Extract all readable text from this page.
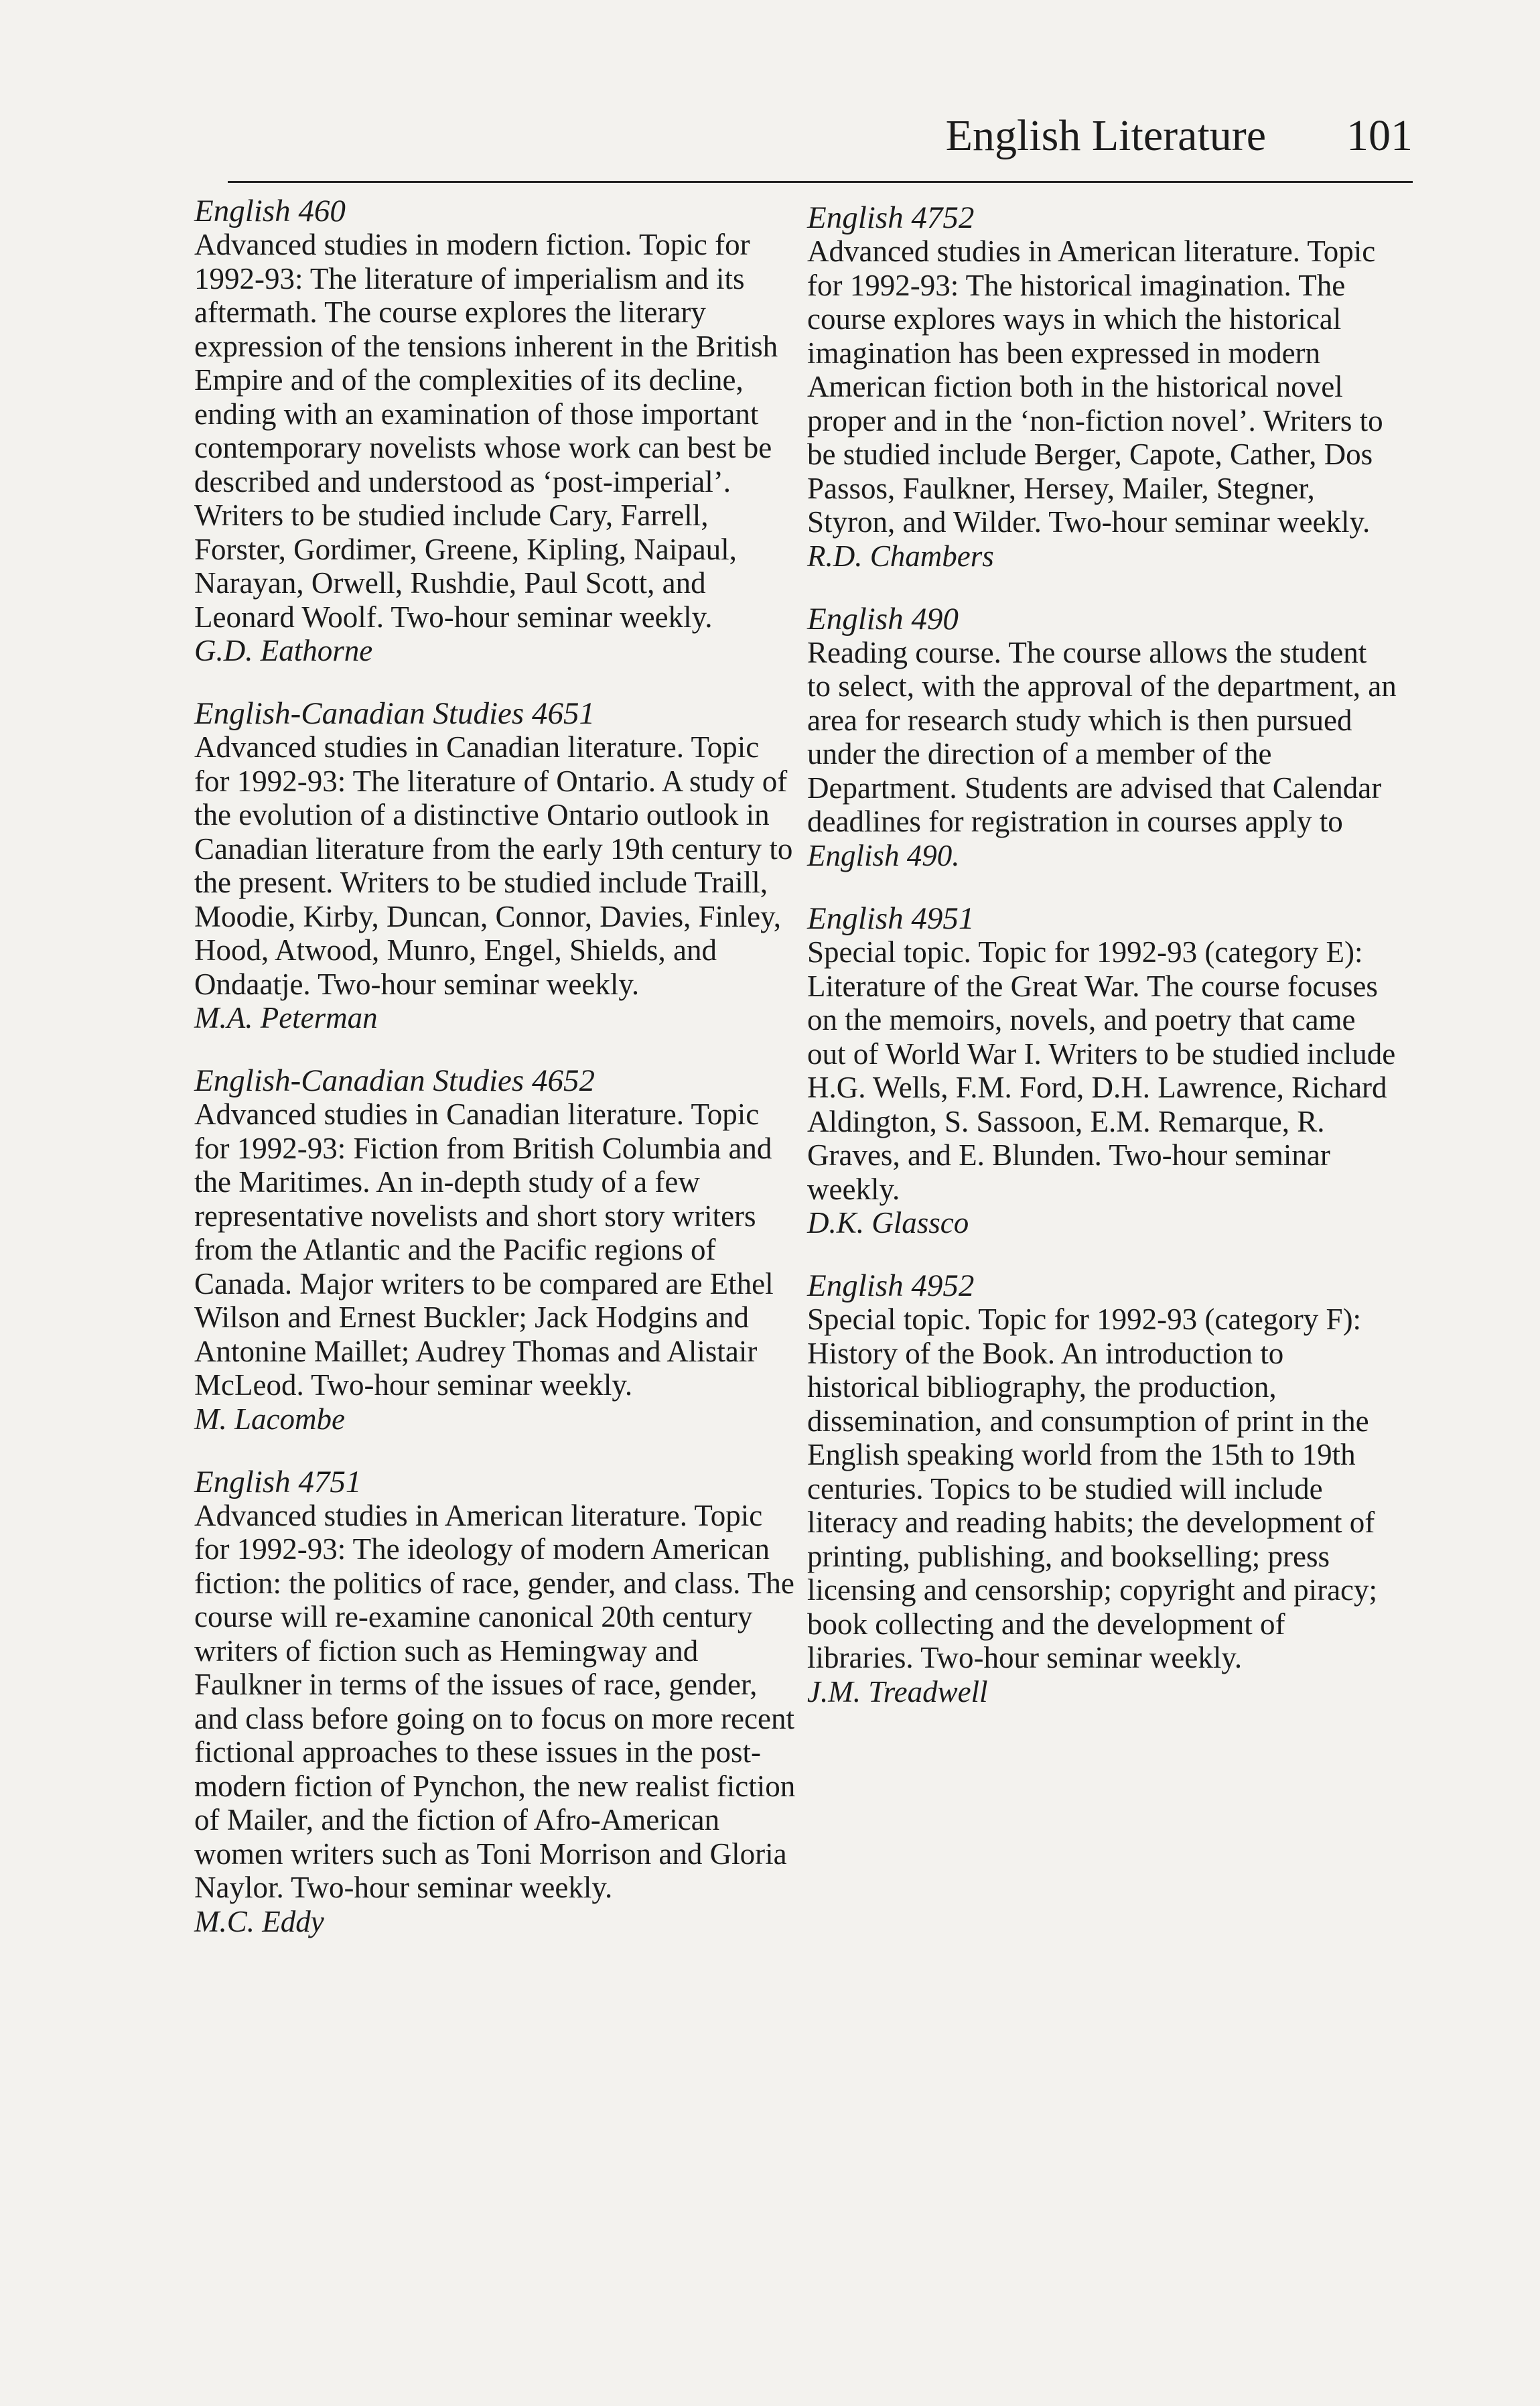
English Literature 101
English 460

Advanced studies in modern fiction. Topic for 1992-93: The literature of imperialism and its aftermath. The course explores the literary expression of the tensions inherent in the British Empire and of the complexities of its decline, ending with an examination of those important contemporary novelists whose work can best be described and understood as ‘post-imperial’. Writers to be studied include Cary, Farrell, Forster, Gordimer, Greene, Kipling, Naipaul, Narayan, Orwell, Rushdie, Paul Scott, and Leonard Woolf. Two-hour seminar weekly.

G.D. Eathorne
English-Canadian Studies 4651

Advanced studies in Canadian literature. Topic for 1992-93: The literature of Ontario. A study of the evolution of a distinctive Ontario outlook in Canadian literature from the early 19th century to the present. Writers to be studied include Traill, Moodie, Kirby, Duncan, Connor, Davies, Finley, Hood, Atwood, Munro, Engel, Shields, and Ondaatje. Two-hour seminar weekly.

M.A. Peterman
English-Canadian Studies 4652

Advanced studies in Canadian literature. Topic for 1992-93: Fiction from British Columbia and the Maritimes. An in-depth study of a few representative novelists and short story writers from the Atlantic and the Pacific regions of Canada. Major writers to be compared are Ethel Wilson and Ernest Buckler; Jack Hodgins and Antonine Maillet; Audrey Thomas and Alistair McLeod. Two-hour seminar weekly.

M. Lacombe
English 4751

Advanced studies in American literature. Topic for 1992-93: The ideology of modern American fiction: the politics of race, gender, and class. The course will re-examine canonical 20th century writers of fiction such as Hemingway and Faulkner in terms of the issues of race, gender, and class before going on to focus on more recent fictional approaches to these issues in the post-modern fiction of Pynchon, the new realist fiction of Mailer, and the fiction of Afro-American women writers such as Toni Morrison and Gloria Naylor. Two-hour seminar weekly.

M.C. Eddy
English 4752

Advanced studies in American literature. Topic for 1992-93: The historical imagination. The course explores ways in which the historical imagination has been expressed in modern American fiction both in the historical novel proper and in the ‘non-fiction novel’. Writers to be studied include Berger, Capote, Cather, Dos Passos, Faulkner, Hersey, Mailer, Stegner, Styron, and Wilder. Two-hour seminar weekly.

R.D. Chambers
English 490

Reading course. The course allows the student to select, with the approval of the department, an area for research study which is then pursued under the direction of a member of the Department. Students are advised that Calendar deadlines for registration in courses apply to English 490.

English 4951

Special topic. Topic for 1992-93 (category E): Literature of the Great War. The course focuses on the memoirs, novels, and poetry that came out of World War I. Writers to be studied include H.G. Wells, F.M. Ford, D.H. Lawrence, Richard Aldington, S. Sassoon, E.M. Remarque, R. Graves, and E. Blunden. Two-hour seminar weekly.

D.K. Glassco
English 4952

Special topic. Topic for 1992-93 (category F): History of the Book. An introduction to historical bibliography, the production, dissemination, and consumption of print in the English speaking world from the 15th to 19th centuries. Topics to be studied will include literacy and reading habits; the development of printing, publishing, and bookselling; press licensing and censorship; copyright and piracy; book collecting and the development of libraries. Two-hour seminar weekly.

J.M. Treadwell
